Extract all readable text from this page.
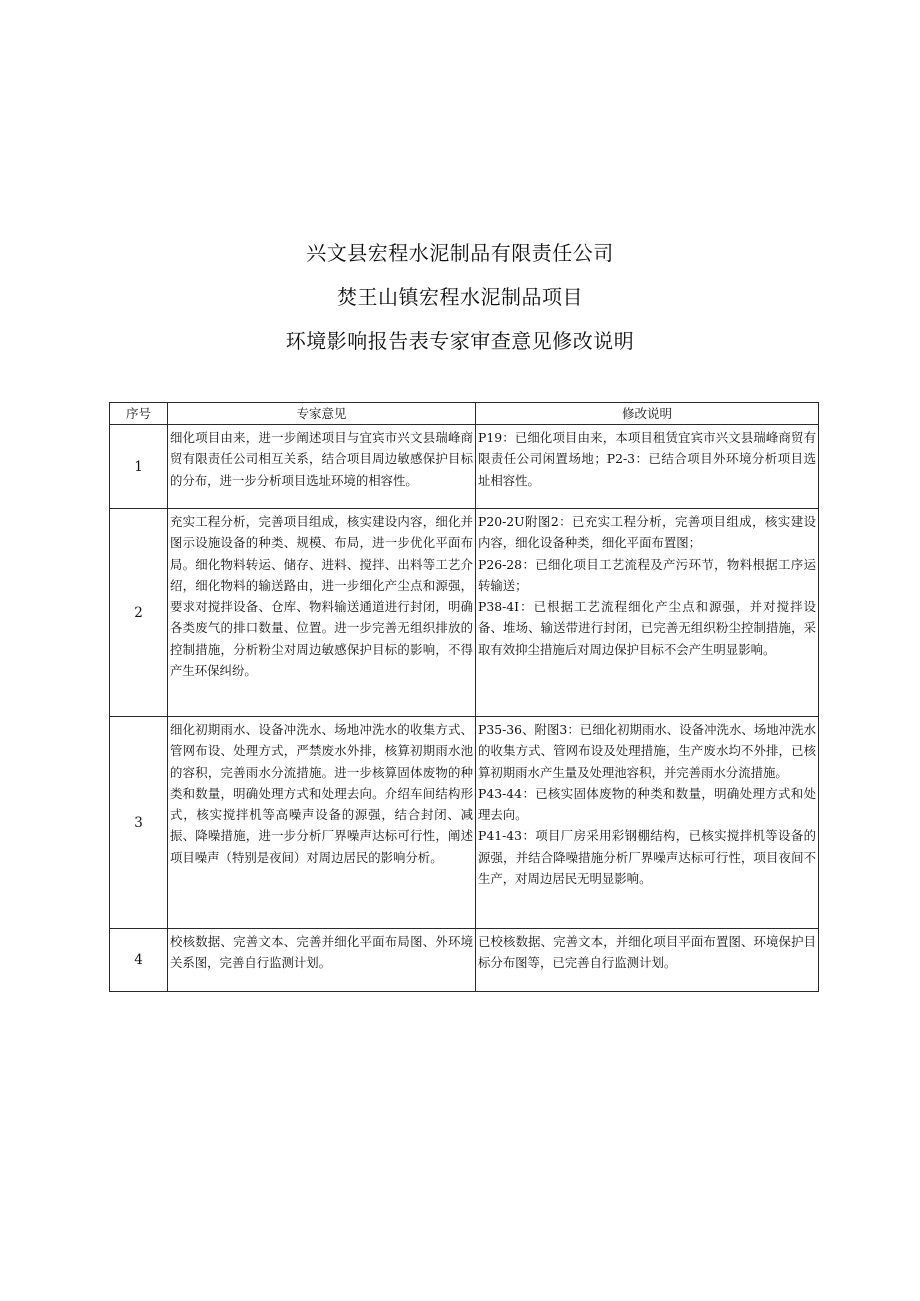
兴文县宏程水泥制品有限责任公司
焚王山镇宏程水泥制品项目
环境影响报告表专家审查意见修改说明
序号	专家意见	修改说明
1	细化项目由来，进一步阐述项目与宜宾市兴文县瑞峰商贸有限责任公司相互关系，结合项目周边敏感保护目标的分布，进一步分析项目选址环境的相容性。	P19：已细化项目由来，本项目租赁宜宾市兴文县瑞峰商贸有限责任公司闲置场地；P2-3：已结合项目外环境分析项目选址相容性。

2	充实工程分析，完善项目组成，核实建设内容，细化并图示设施设备的种类、规模、布局，进一步优化平面布局。细化物料转运、储存、进料、搅拌、出料等工艺介绍，细化物料的输送路由，进一步细化产尘点和源强，要求对搅拌设备、仓库、物料输送通道进行封闭，明确各类废气的排口数量、位置。进一步完善无组织排放的控制措施，分析粉尘对周边敏感保护目标的影响，不得产生环保纠纷。	P20-2U附图2：已充实工程分析，完善项目组成，核实建设内容，细化设备种类，细化平面布置图；
P26-28：已细化项目工艺流程及产污环节，物料根据工序运转输送；
P38-4I：已根据工艺流程细化产尘点和源强，并对搅拌设备、堆场、输送带进行封闭，已完善无组织粉尘控制措施，采取有效抑尘措施后对周边保护目标不会产生明显影响。

3	细化初期雨水、设备冲洗水、场地冲洗水的收集方式、管网布设、处理方式，严禁废水外排，核算初期雨水池的容积，完善雨水分流措施。进一步核算固体废物的种类和数量，明确处理方式和处理去向。介绍车间结构形式，核实搅拌机等高噪声设备的源强，结合封闭、减振、降噪措施，进一步分析厂界噪声达标可行性，阐述项目噪声（特别是夜间）对周边居民的影响分析。	P35-36、附图3：已细化初期雨水、设备冲洗水、场地冲洗水的收集方式、管网布设及处理措施，生产废水均不外排，已核算初期雨水产生量及处理池容积，并完善雨水分流措施。
P43-44：已核实固体废物的种类和数量，明确处理方式和处理去向。
P41-43：项目厂房采用彩钢棚结构，已核实搅拌机等设备的源强，并结合降噪措施分析厂界噪声达标可行性，项目夜间不生产，对周边居民无明显影响。

4	校核数据、完善文本、完善并细化平面布局图、外环境关系图，完善自行监测计划。	已校核数据、完善文本，并细化项目平面布置图、环境保护目标分布图等，已完善自行监测计划。
